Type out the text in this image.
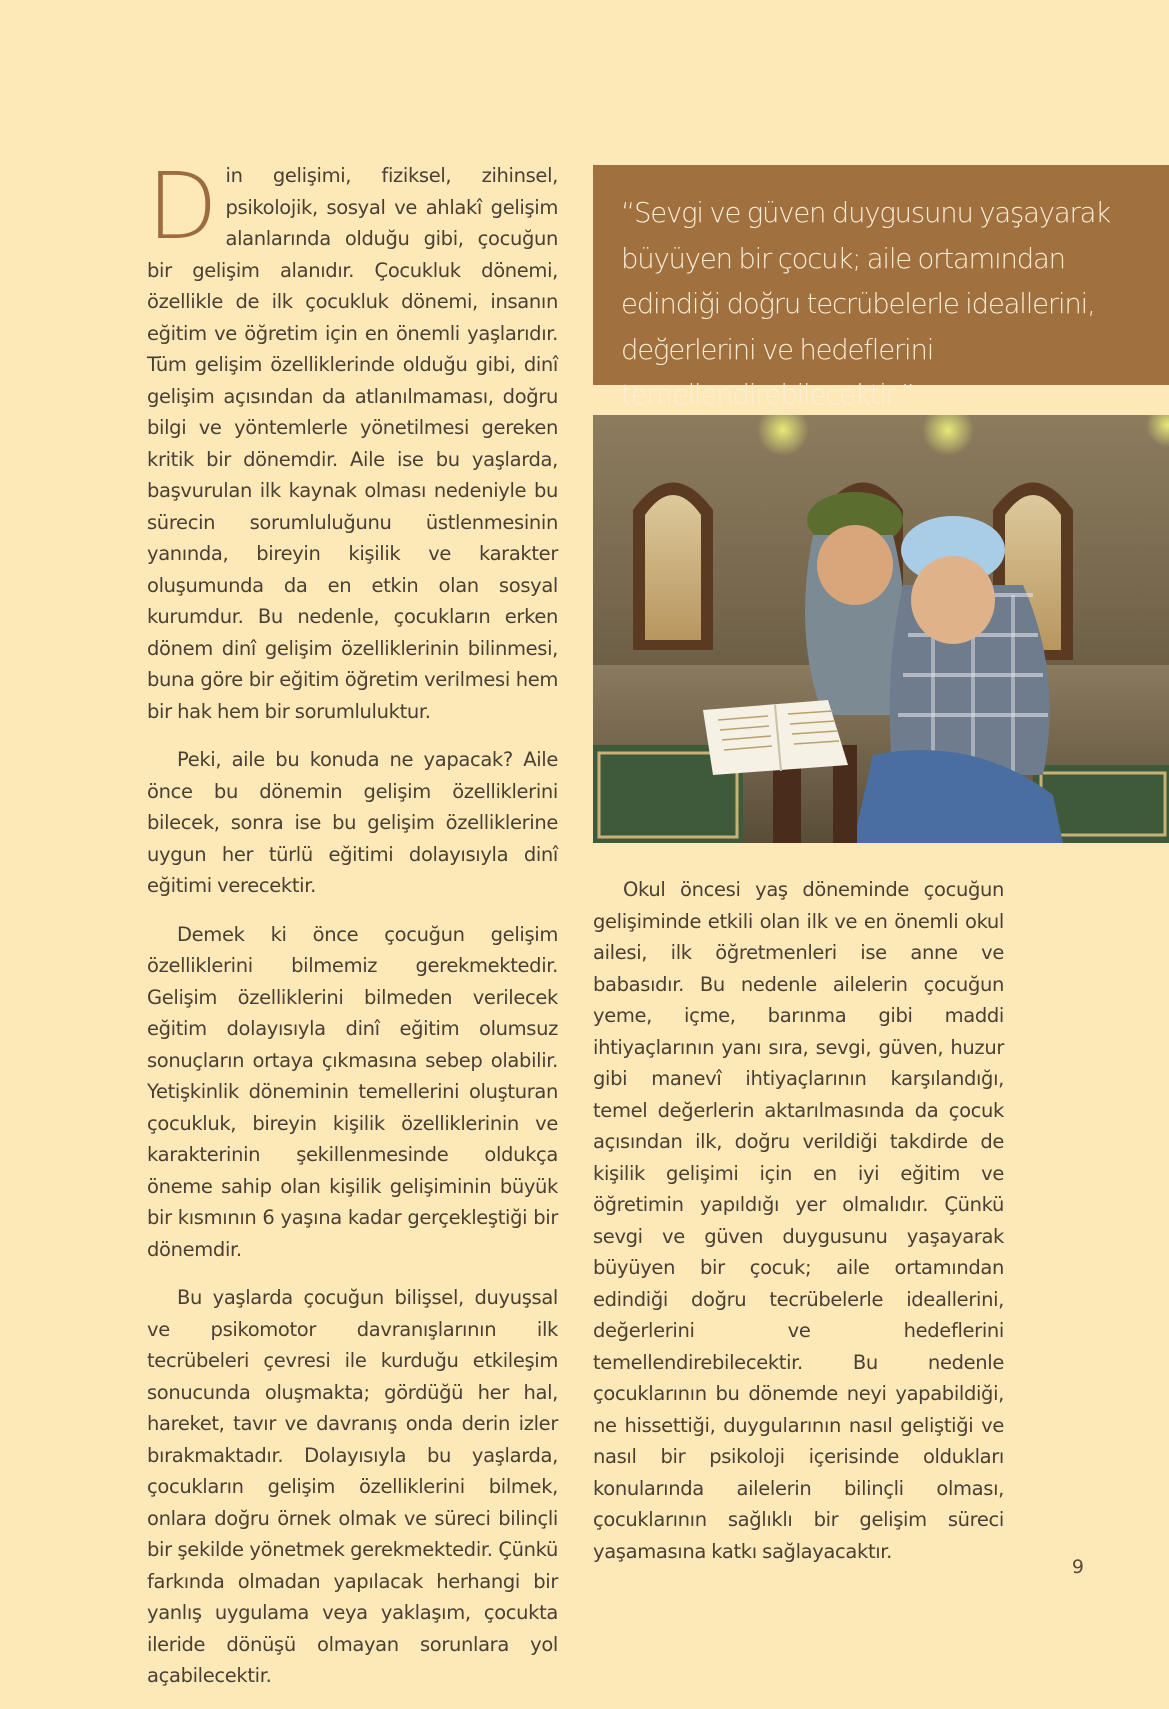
Din gelişimi, fiziksel, zihinsel, psikolojik, sosyal ve ahlakî gelişim alanlarında olduğu gibi, çocuğun bir gelişim alanıdır. Çocukluk dönemi, özellikle de ilk çocukluk dönemi, insanın eğitim ve öğretim için en önemli yaşlarıdır. Tüm gelişim özelliklerinde olduğu gibi, dinî gelişim açısından da atlanılmaması, doğru bilgi ve yöntemlerle yönetilmesi gereken kritik bir dönemdir. Aile ise bu yaşlarda, başvurulan ilk kaynak olması nedeniyle bu sürecin sorumluluğunu üstlenmesinin yanında, bireyin kişilik ve karakter oluşumunda da en etkin olan sosyal kurumdur. Bu nedenle, çocukların erken dönem dinî gelişim özelliklerinin bilinmesi, buna göre bir eğitim öğretim verilmesi hem bir hak hem bir sorumluluktur.

Peki, aile bu konuda ne yapacak? Aile önce bu dönemin gelişim özelliklerini bilecek, sonra ise bu gelişim özelliklerine uygun her türlü eğitimi dolayısıyla dinî eğitimi verecektir.

Demek ki önce çocuğun gelişim özelliklerini bilmemiz gerekmektedir. Gelişim özelliklerini bilmeden verilecek eğitim dolayısıyla dinî eğitim olumsuz sonuçların ortaya çıkmasına sebep olabilir. Yetişkinlik döneminin temellerini oluşturan çocukluk, bireyin kişilik özelliklerinin ve karakterinin şekillenmesinde oldukça öneme sahip olan kişilik gelişiminin büyük bir kısmının 6 yaşına kadar gerçekleştiği bir dönemdir.

Bu yaşlarda çocuğun bilişsel, duyuşsal ve psikomotor davranışlarının ilk tecrübeleri çevresi ile kurduğu etkileşim sonucunda oluşmakta; gördüğü her hal, hareket, tavır ve davranış onda derin izler bırakmaktadır. Dolayısıyla bu yaşlarda, çocukların gelişim özelliklerini bilmek, onlara doğru örnek olmak ve süreci bilinçli bir şekilde yönetmek gerekmektedir. Çünkü farkında olmadan yapılacak herhangi bir yanlış uygulama veya yaklaşım, çocukta ileride dönüşü olmayan sorunlara yol açabilecektir.

“Sevgi ve güven duygusunu yaşayarak büyüyen bir çocuk; aile ortamından edindiği doğru tecrübelerle ideallerini, değerlerini ve hedeflerini temellendirebilecektir.”

Okul öncesi yaş döneminde çocuğun gelişiminde etkili olan ilk ve en önemli okul ailesi, ilk öğretmenleri ise anne ve babasıdır. Bu nedenle ailelerin çocuğun yeme, içme, barınma gibi maddi ihtiyaçlarının yanı sıra, sevgi, güven, huzur gibi manevî ihtiyaçlarının karşılandığı, temel değerlerin aktarılmasında da çocuk açısından ilk, doğru verildiği takdirde de kişilik gelişimi için en iyi eğitim ve öğretimin yapıldığı yer olmalıdır. Çünkü sevgi ve güven duygusunu yaşayarak büyüyen bir çocuk; aile ortamından edindiği doğru tecrübelerle ideallerini, değerlerini ve hedeflerini temellendirebilecektir. Bu nedenle çocuklarının bu dönemde neyi yapabildiği, ne hissettiği, duygularının nasıl geliştiği ve nasıl bir psikoloji içerisinde oldukları konularında ailelerin bilinçli olması, çocuklarının sağlıklı bir gelişim süreci yaşamasına katkı sağlayacaktır.

9
